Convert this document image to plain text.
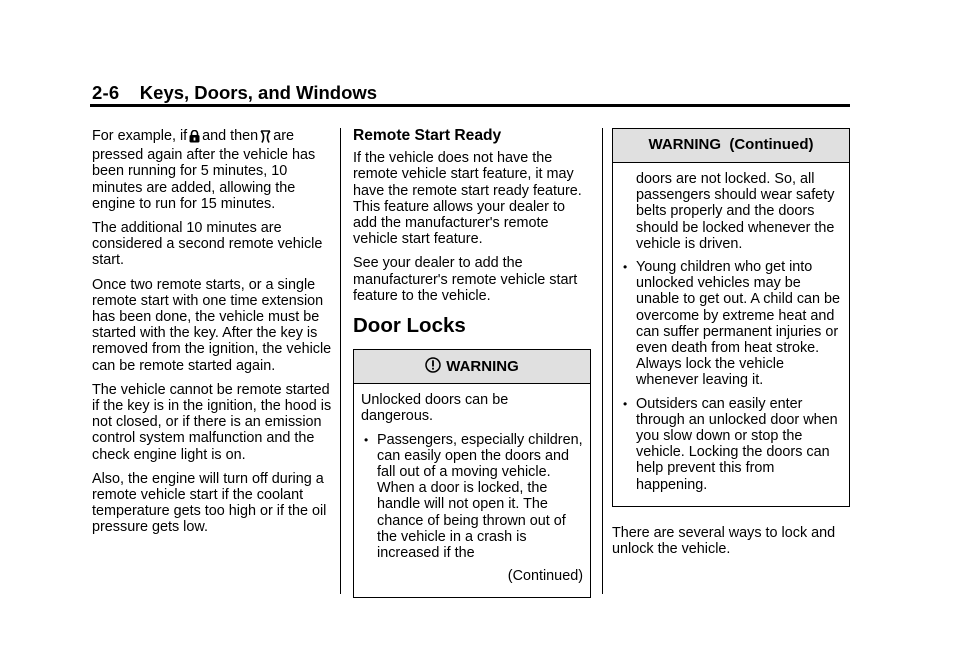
2-6 Keys, Doors, and Windows

For example, if and then are pressed again after the vehicle has been running for 5 minutes, 10 minutes are added, allowing the engine to run for 15 minutes.

The additional 10 minutes are considered a second remote vehicle start.

Once two remote starts, or a single remote start with one time extension has been done, the vehicle must be started with the key. After the key is removed from the ignition, the vehicle can be remote started again.

The vehicle cannot be remote started if the key is in the ignition, the hood is not closed, or if there is an emission control system malfunction and the check engine light is on.

Also, the engine will turn off during a remote vehicle start if the coolant temperature gets too high or if the oil pressure gets low.

Remote Start Ready

If the vehicle does not have the remote vehicle start feature, it may have the remote start ready feature. This feature allows your dealer to add the manufacturer's remote vehicle start feature.

See your dealer to add the manufacturer's remote vehicle start feature to the vehicle.

Door Locks
WARNING

Unlocked doors can be dangerous.

• Passengers, especially children, can easily open the doors and fall out of a moving vehicle. When a door is locked, the handle will not open it. The chance of being thrown out of the vehicle in a crash is increased if the

(Continued)

WARNING  (Continued)

doors are not locked. So, all passengers should wear safety belts properly and the doors should be locked whenever the vehicle is driven.

• Young children who get into unlocked vehicles may be unable to get out. A child can be overcome by extreme heat and can suffer permanent injuries or even death from heat stroke. Always lock the vehicle whenever leaving it.
• Outsiders can easily enter through an unlocked door when you slow down or stop the vehicle. Locking the doors can help prevent this from happening.

There are several ways to lock and unlock the vehicle.
